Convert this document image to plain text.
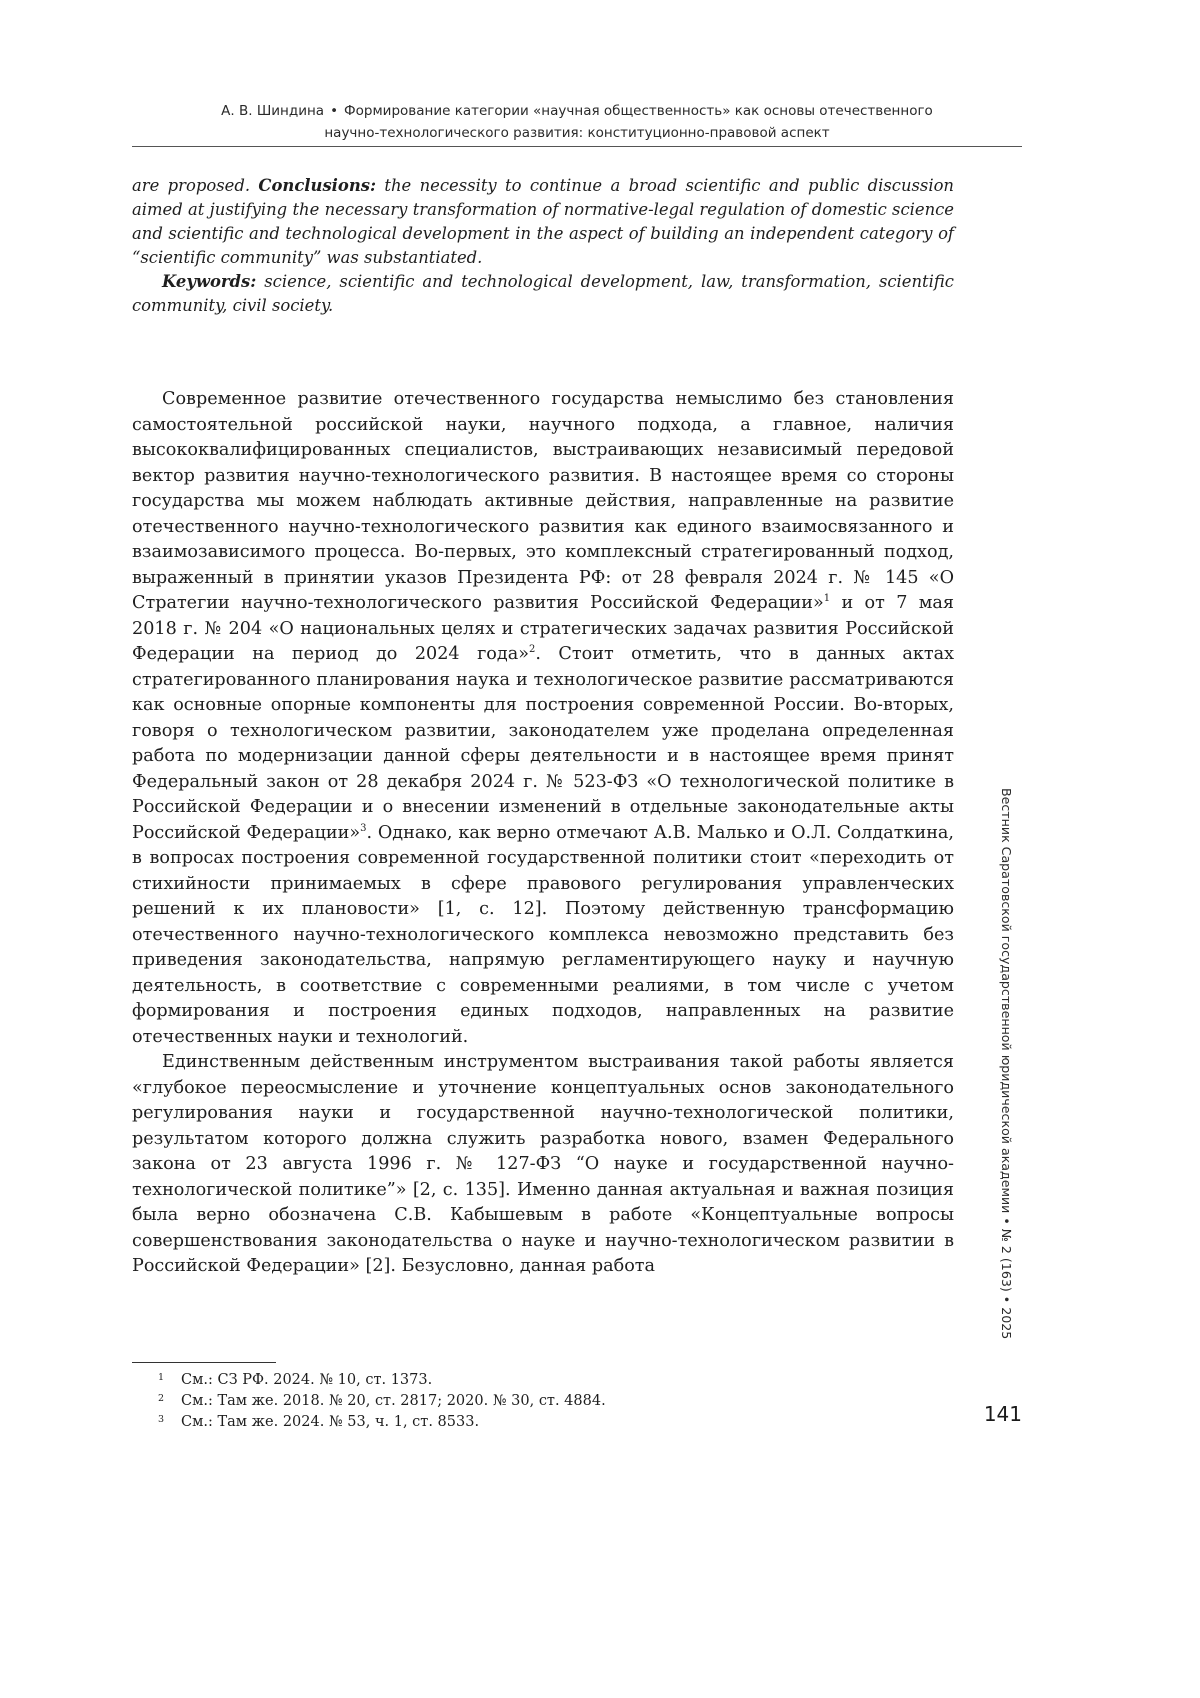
А. В. Шиндина • Формирование категории «научная общественность» как основы отечественного
научно-технологического развития: конституционно-правовой аспект

are proposed. Conclusions: the necessity to continue a broad scientific and public discussion aimed at justifying the necessary transformation of normative-legal regulation of domestic science and scientific and technological development in the aspect of building an independent category of “scientific community” was substantiated.

Keywords: science, scientific and technological development, law, transformation, scientific community, civil society.

Современное развитие отечественного государства немыслимо без становления самостоятельной российской науки, научного подхода, а главное, наличия высококвалифицированных специалистов, выстраивающих независимый передовой вектор развития научно-технологического развития. В настоящее время со стороны государства мы можем наблюдать активные действия, направленные на развитие отечественного научно-технологического развития как единого взаимосвязанного и взаимозависимого процесса. Во-первых, это комплексный стратегированный подход, выраженный в принятии указов Президента РФ: от 28 февраля 2024 г. № 145 «О Стратегии научно-технологического развития Российской Федерации»1 и от 7 мая 2018 г. № 204 «О национальных целях и стратегических задачах развития Российской Федерации на период до 2024 года»2. Стоит отметить, что в данных актах стратегированного планирования наука и технологическое развитие рассматриваются как основные опорные компоненты для построения современной России. Во-вторых, говоря о технологическом развитии, законодателем уже проделана определенная работа по модернизации данной сферы деятельности и в настоящее время принят Федеральный закон от 28 декабря 2024 г. № 523-ФЗ «О технологической политике в Российской Федерации и о внесении изменений в отдельные законодательные акты Российской Федерации»3. Однако, как верно отмечают А.В. Малько и О.Л. Солдаткина, в вопросах построения современной государственной политики стоит «переходить от стихийности принимаемых в сфере правового регулирования управленческих решений к их плановости» [1, с. 12]. Поэтому действенную трансформацию отечественного научно-технологического комплекса невозможно представить без приведения законодательства, напрямую регламентирующего науку и научную деятельность, в соответствие с современными реалиями, в том числе с учетом формирования и построения единых подходов, направленных на развитие отечественных науки и технологий.

Единственным действенным инструментом выстраивания такой работы является «глубокое переосмысление и уточнение концептуальных основ законодательного регулирования науки и государственной научно-технологической политики, результатом которого должна служить разработка нового, взамен Федерального закона от 23 августа 1996 г. № 127-ФЗ “О науке и государственной научно-технологической политике”» [2, с. 135]. Именно данная актуальная и важная позиция была верно обозначена С.В. Кабышевым в работе «Концептуальные вопросы совершенствования законодательства о науке и научно-технологическом развитии в Российской Федерации» [2]. Безусловно, данная работа

1 См.: СЗ РФ. 2024. № 10, ст. 1373.
2 См.: Там же. 2018. № 20, ст. 2817; 2020. № 30, ст. 4884.
3 См.: Там же. 2024. № 53, ч. 1, ст. 8533.	141
Вестник Саратовской государственной юридической академии • № 2 (163) • 2025
